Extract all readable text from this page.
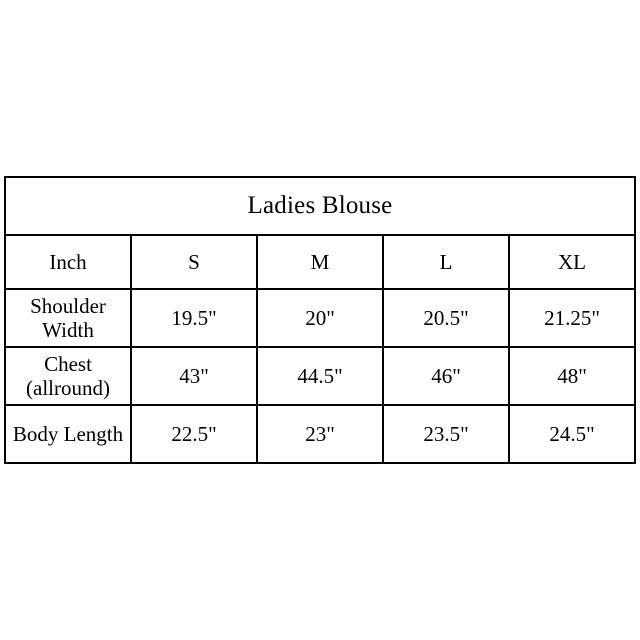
Ladies Blouse				
Inch	S	M	L	XL
Shoulder
Width	19.5"	20"	20.5"	21.25"
Chest
(allround)	43"	44.5"	46"	48"
Body Length	22.5"	23"	23.5"	24.5"
